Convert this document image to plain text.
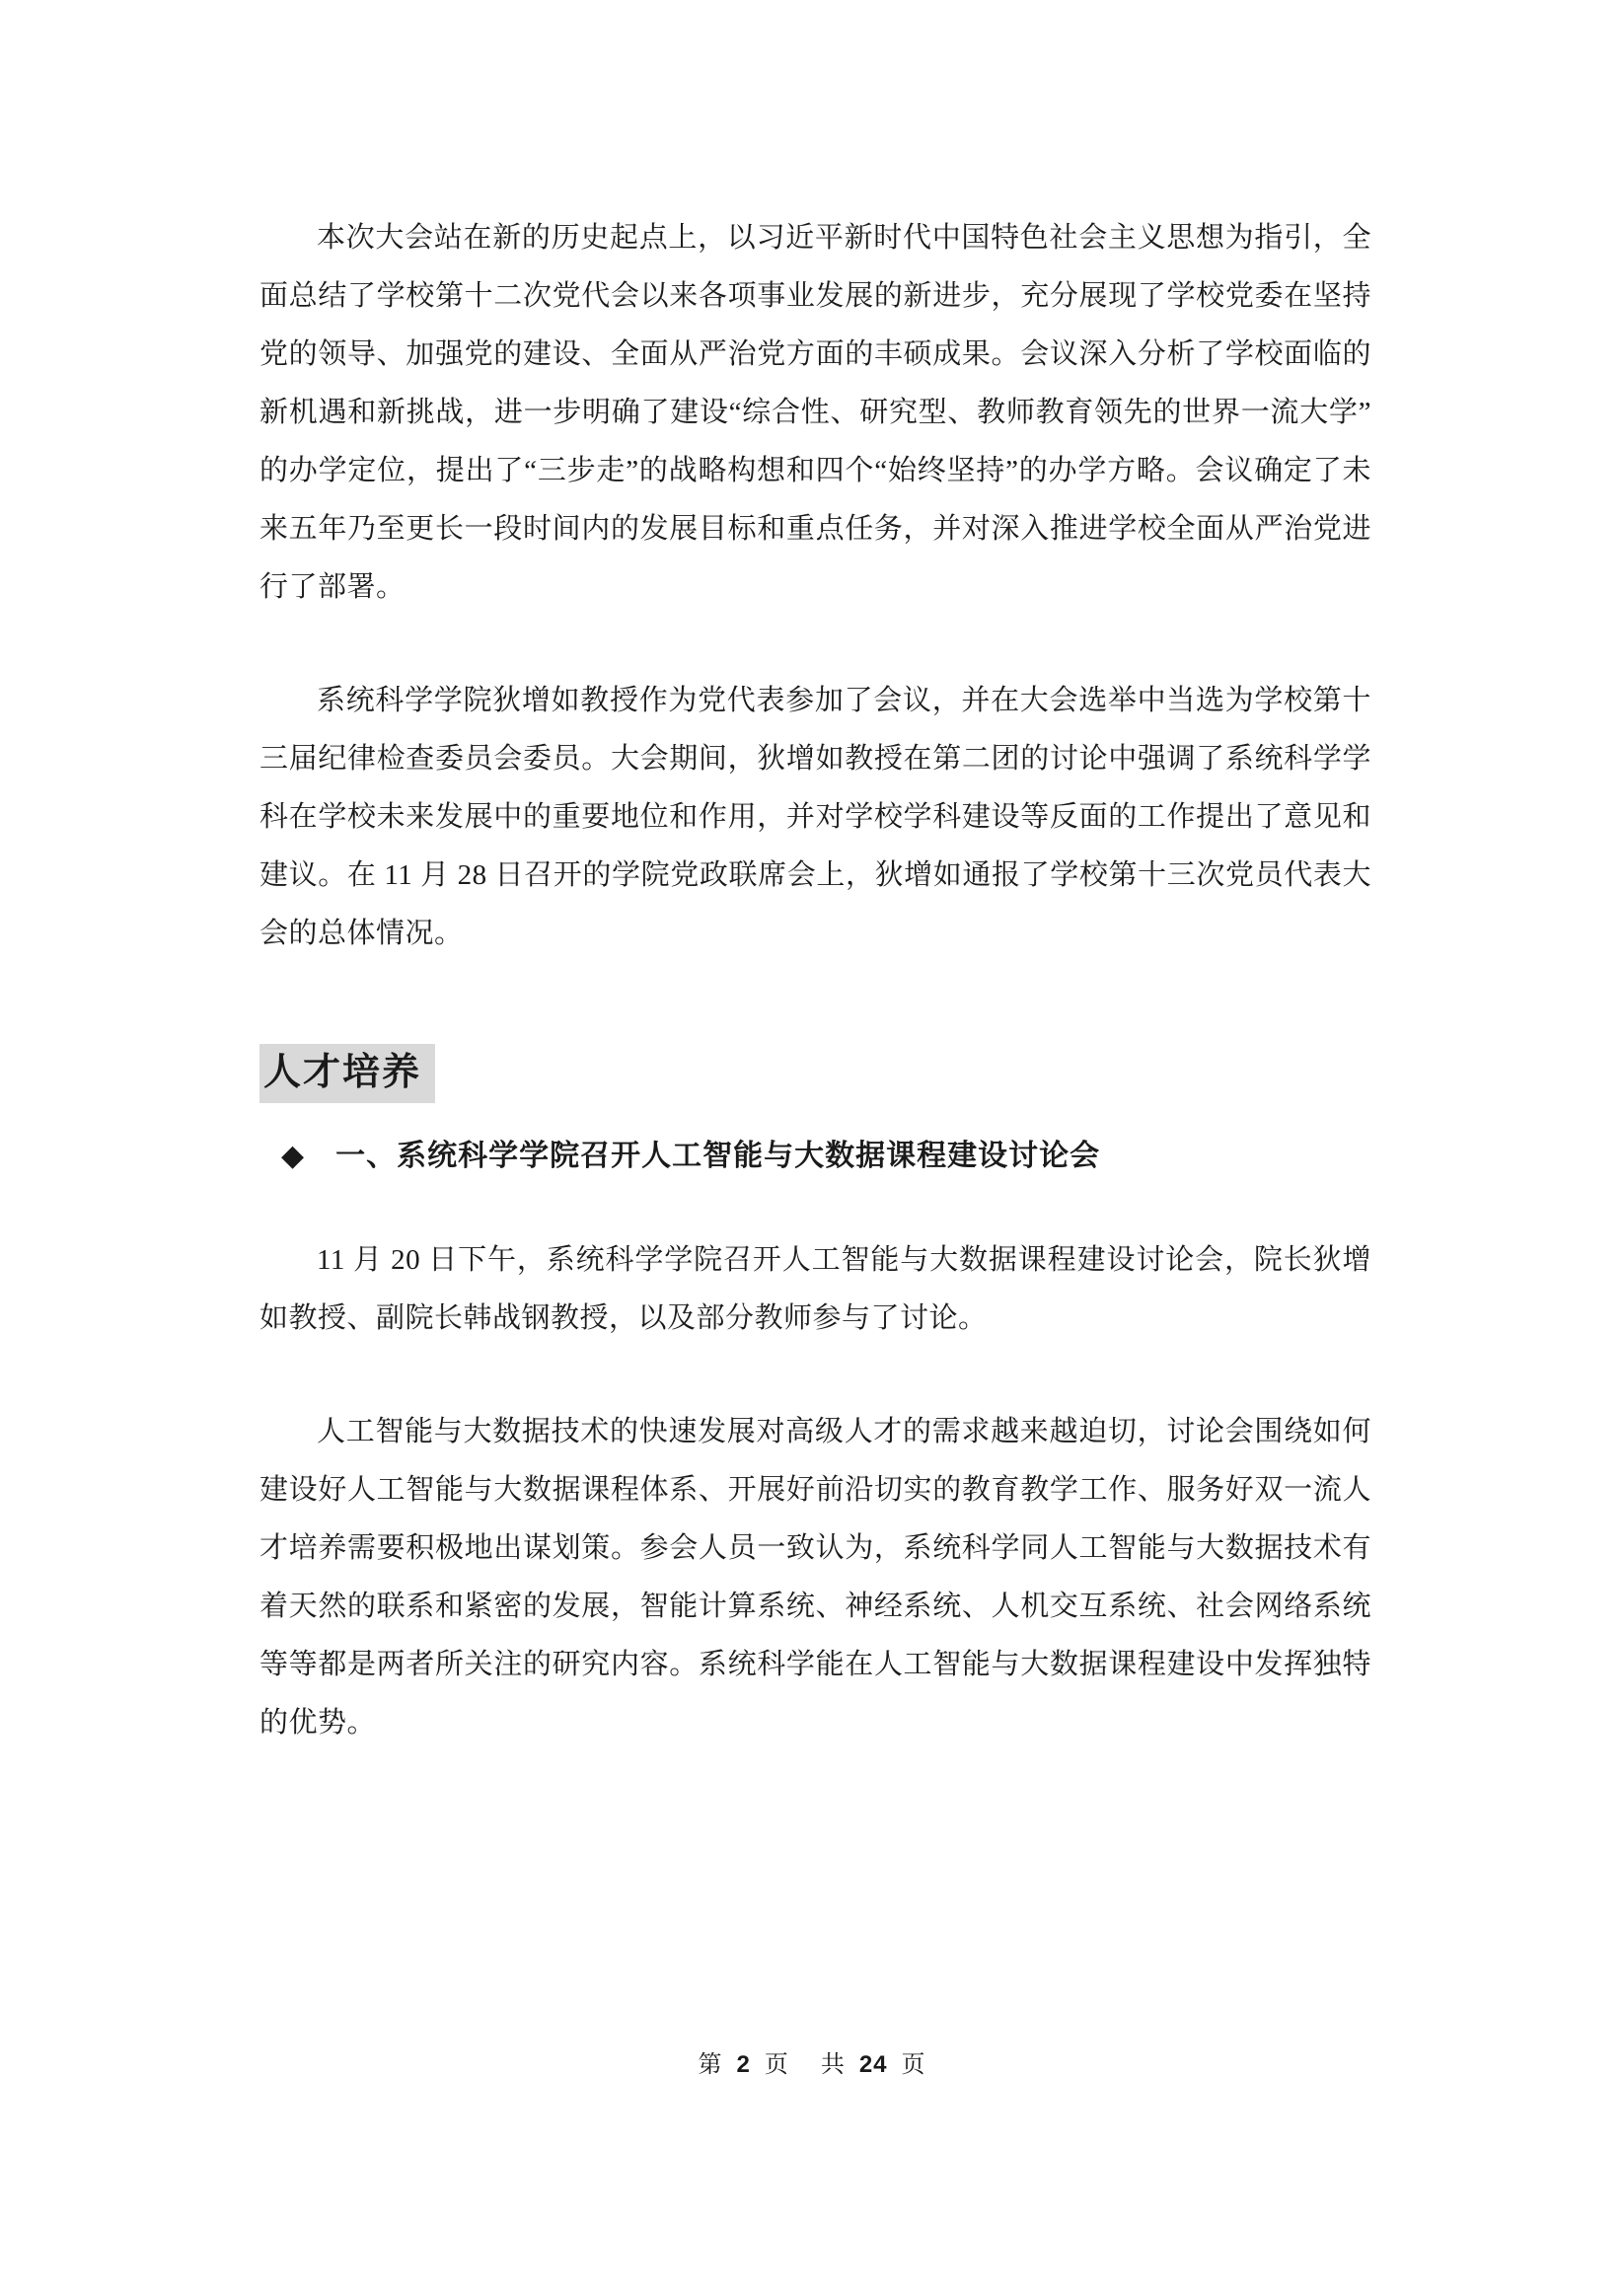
本次大会站在新的历史起点上，以习近平新时代中国特色社会主义思想为指引，全面总结了学校第十二次党代会以来各项事业发展的新进步，充分展现了学校党委在坚持党的领导、加强党的建设、全面从严治党方面的丰硕成果。会议深入分析了学校面临的新机遇和新挑战，进一步明确了建设“综合性、研究型、教师教育领先的世界一流大学”的办学定位，提出了“三步走”的战略构想和四个“始终坚持”的办学方略。会议确定了未来五年乃至更长一段时间内的发展目标和重点任务，并对深入推进学校全面从严治党进行了部署。

系统科学学院狄增如教授作为党代表参加了会议，并在大会选举中当选为学校第十三届纪律检查委员会委员。大会期间，狄增如教授在第二团的讨论中强调了系统科学学科在学校未来发展中的重要地位和作用，并对学校学科建设等反面的工作提出了意见和建议。在 11 月 28 日召开的学院党政联席会上，狄增如通报了学校第十三次党员代表大会的总体情况。

人才培养
◆ 一、系统科学学院召开人工智能与大数据课程建设讨论会

11 月 20 日下午，系统科学学院召开人工智能与大数据课程建设讨论会，院长狄增如教授、副院长韩战钢教授，以及部分教师参与了讨论。

人工智能与大数据技术的快速发展对高级人才的需求越来越迫切，讨论会围绕如何建设好人工智能与大数据课程体系、开展好前沿切实的教育教学工作、服务好双一流人才培养需要积极地出谋划策。参会人员一致认为，系统科学同人工智能与大数据技术有着天然的联系和紧密的发展，智能计算系统、神经系统、人机交互系统、社会网络系统等等都是两者所关注的研究内容。系统科学能在人工智能与大数据课程建设中发挥独特的优势。

第 2 页 共 24 页
